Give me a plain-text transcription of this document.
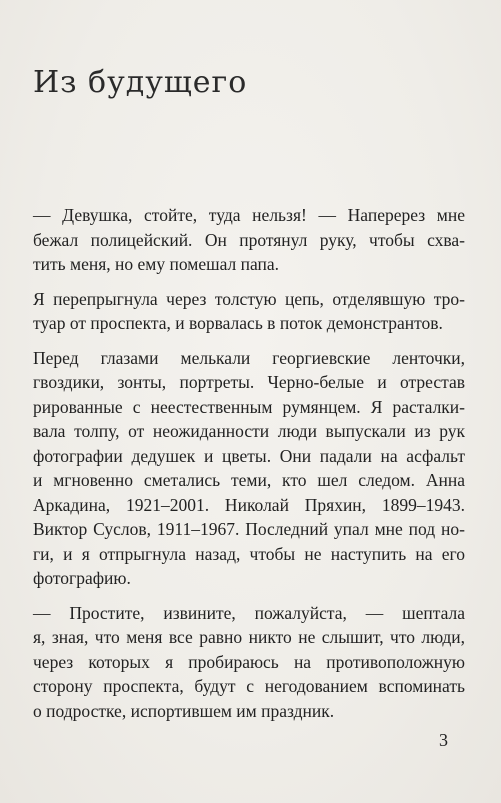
Из будущего
— Девушка, стойте, туда нельзя! — Наперерез мне
бежал полицейский. Он протянул руку, чтобы схва-
тить меня, но ему помешал папа.
Я перепрыгнула через толстую цепь, отделявшую тро-
туар от проспекта, и ворвалась в поток демонстрантов.
Перед глазами мелькали георгиевские ленточки,
гвоздики, зонты, портреты. Черно-белые и отрестав
рированные с неестественным румянцем. Я расталки-
вала толпу, от неожиданности люди выпускали из рук
фотографии дедушек и цветы. Они падали на асфальт
и мгновенно сметались теми, кто шел следом. Анна
Аркадина, 1921–2001. Николай Пряхин, 1899–1943.
Виктор Суслов, 1911–1967. Последний упал мне под но-
ги, и я отпрыгнула назад, чтобы не наступить на его
фотографию.
— Простите, извините, пожалуйста, — шептала
я, зная, что меня все равно никто не слышит, что люди,
через которых я пробираюсь на противоположную
сторону проспекта, будут с негодованием вспоминать
о подростке, испортившем им праздник.
3
